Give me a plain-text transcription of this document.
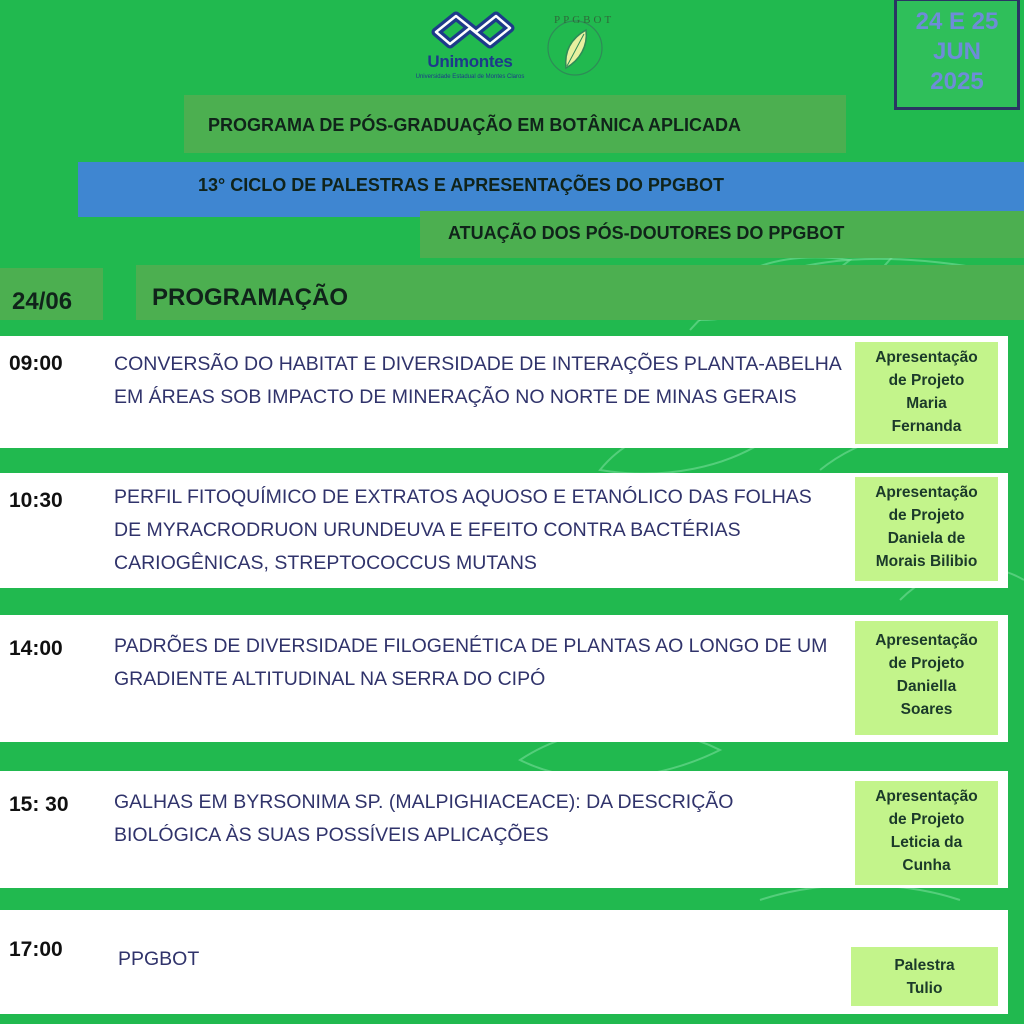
Unimontes
Universidade Estadual de Montes Claros
PPGBOT	24 E 25
JUN
2025
PROGRAMA DE PÓS-GRADUAÇÃO EM BOTÂNICA APLICADA
13° CICLO DE PALESTRAS E APRESENTAÇÕES DO PPGBOT
ATUAÇÃO DOS PÓS-DOUTORES DO PPGBOT
PROGRAMAÇÃO
24/06
09:00	CONVERSÃO DO HABITAT E DIVERSIDADE DE INTERAÇÕES PLANTA-ABELHA EM ÁREAS SOB IMPACTO DE MINERAÇÃO NO NORTE DE MINAS GERAIS
Apresentação
de Projeto
Maria
Fernanda
10:30	PERFIL FITOQUÍMICO DE EXTRATOS AQUOSO E ETANÓLICO DAS FOLHAS DE MYRACRODRUON URUNDEUVA E EFEITO CONTRA BACTÉRIAS CARIOGÊNICAS, STREPTOCOCCUS MUTANS
Apresentação
de Projeto
Daniela de
Morais Bilibio
14:00	PADRÕES DE DIVERSIDADE FILOGENÉTICA DE PLANTAS AO LONGO DE UM GRADIENTE ALTITUDINAL NA SERRA DO CIPÓ
Apresentação
de Projeto
Daniella
Soares
15: 30 GALHAS EM BYRSONIMA SP. (MALPIGHIACEACE): DA DESCRIÇÃO BIOLÓGICA ÀS SUAS POSSÍVEIS APLICAÇÕES
Apresentação
de Projeto
Leticia da
Cunha
17:00	PPGBOT	Palestra
Tulio
